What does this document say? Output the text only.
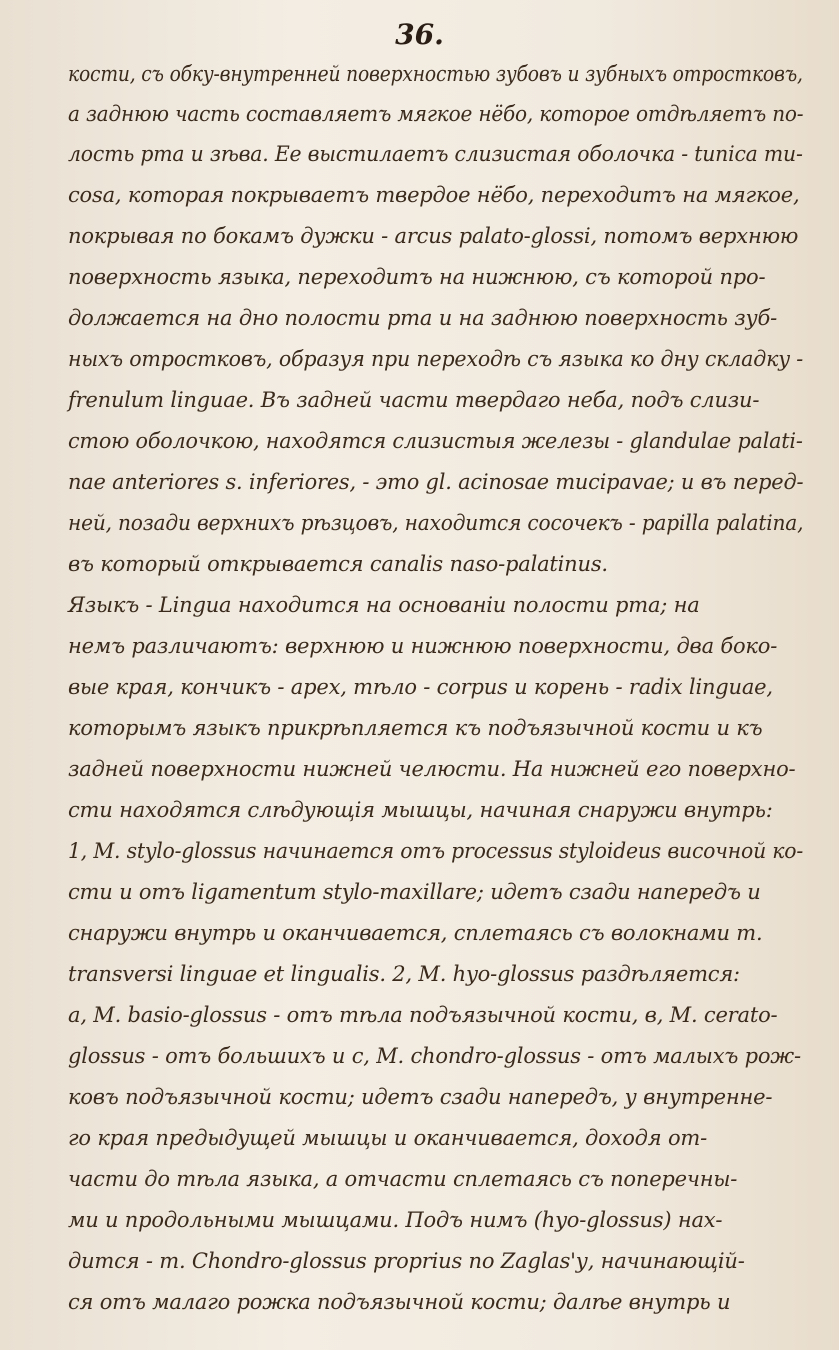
36.
кости, съ обку-внутренней поверхностью зубовъ и зубныхъ отростковъ,
а заднюю часть составляетъ мягкое нёбо, которое отдѣляетъ по-
лость рта и зѣва. Ее выстилаетъ слизистая оболочка - tunica mu-
cosa, которая покрываетъ твердое нёбо, переходитъ на мягкое,
покрывая по бокамъ дужки - arcus palato-glossi, потомъ верхнюю
поверхность языка, переходитъ на нижнюю, съ которой про-
должается на дно полости рта и на заднюю поверхность зуб-
ныхъ отростковъ, образуя при переходѣ съ языка ко дну складку -
frenulum linguae. Въ задней части твердаго неба, подъ слизи-
стою оболочкою, находятся слизистыя железы - glandulae palati-
nae anteriores s. inferiores, - это gl. acinosae mucipavae; и въ перед-
ней, позади верхнихъ рѣзцовъ, находится сосочекъ - papilla palatina,
въ который открывается canalis naso-palatinus.
Языкъ - Lingua находится на основаніи полости рта; на
немъ различаютъ: верхнюю и нижнюю поверхности, два боко-
вые края, кончикъ - apex, тѣло - corpus и корень - radix linguae,
которымъ языкъ прикрѣпляется къ подъязычной кости и къ
задней поверхности нижней челюсти. На нижней его поверхно-
сти находятся слѣдующія мышцы, начиная снаружи внутрь:
1, M. stylo-glossus начинается отъ processus styloideus височной ко-
сти и отъ ligamentum stylo-maxillare; идетъ сзади напередъ и
снаружи внутрь и оканчивается, сплетаясь съ волокнами m.
transversi linguae et lingualis. 2, M. hyo-glossus раздѣляется:
a, M. basio-glossus - отъ тѣла подъязычной кости, в, M. cerato-
glossus - отъ большихъ и с, M. chondro-glossus - отъ малыхъ рож-
ковъ подъязычной кости; идетъ сзади напередъ, у внутренне-
го края предыдущей мышцы и оканчивается, доходя от-
части до тѣла языка, а отчасти сплетаясь съ поперечны-
ми и продольными мышцами. Подъ нимъ (hyo-glossus) нах-
дится - m. Chondro-glossus proprius по Zaglas'у, начинающій-
ся отъ малаго рожка подъязычной кости; далѣе внутрь и
